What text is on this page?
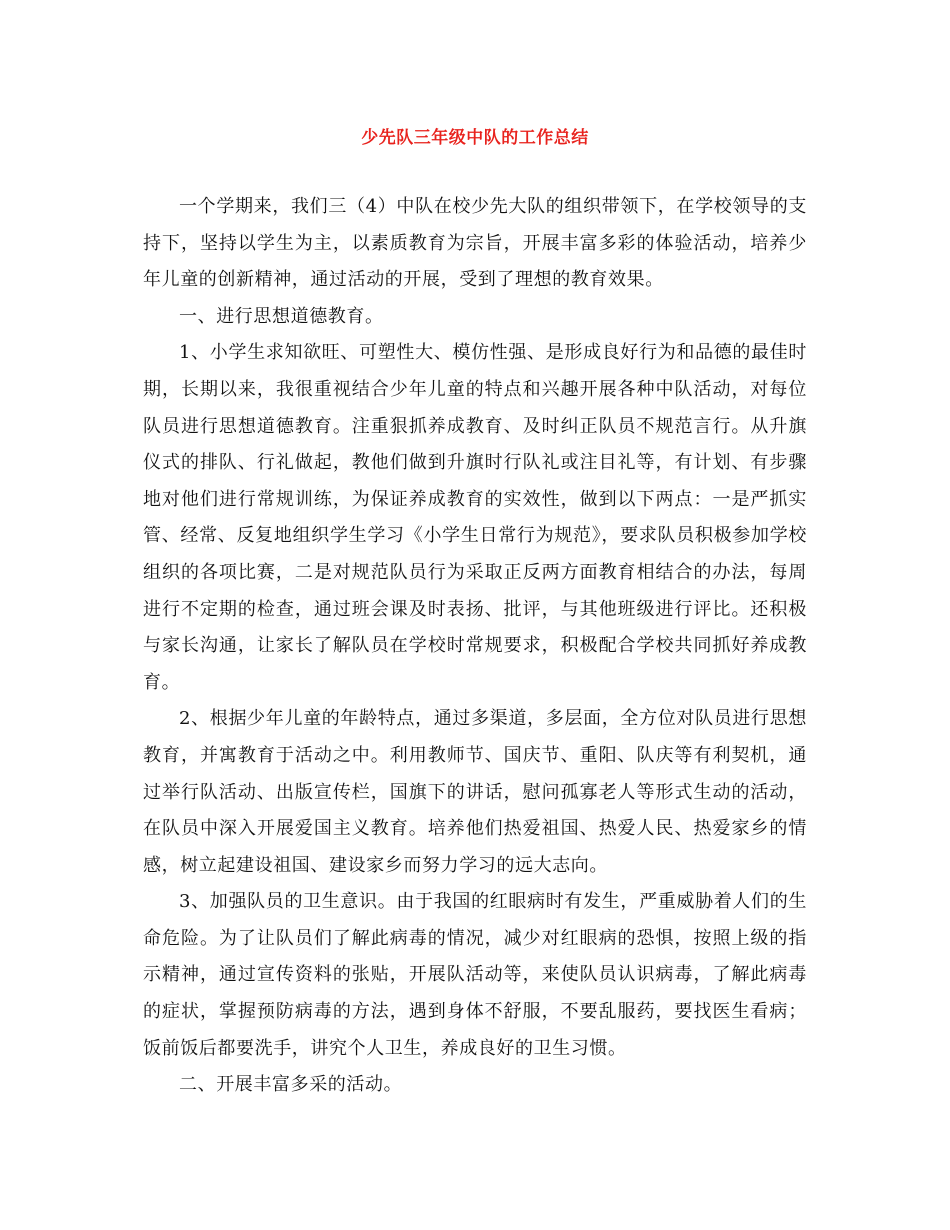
少先队三年级中队的工作总结

一个学期来，我们三（4）中队在校少先大队的组织带领下，在学校领导的支持下，坚持以学生为主，以素质教育为宗旨，开展丰富多彩的体验活动，培养少年儿童的创新精神，通过活动的开展，受到了理想的教育效果。

一、进行思想道德教育。

1、小学生求知欲旺、可塑性大、模仿性强、是形成良好行为和品德的最佳时期，长期以来，我很重视结合少年儿童的特点和兴趣开展各种中队活动，对每位队员进行思想道德教育。注重狠抓养成教育、及时纠正队员不规范言行。从升旗仪式的排队、行礼做起，教他们做到升旗时行队礼或注目礼等，有计划、有步骤地对他们进行常规训练，为保证养成教育的实效性，做到以下两点：一是严抓实管、经常、反复地组织学生学习《小学生日常行为规范》，要求队员积极参加学校组织的各项比赛，二是对规范队员行为采取正反两方面教育相结合的办法，每周进行不定期的检查，通过班会课及时表扬、批评，与其他班级进行评比。还积极与家长沟通，让家长了解队员在学校时常规要求，积极配合学校共同抓好养成教育。

2、根据少年儿童的年龄特点，通过多渠道，多层面，全方位对队员进行思想教育，并寓教育于活动之中。利用教师节、国庆节、重阳、队庆等有利契机，通过举行队活动、出版宣传栏，国旗下的讲话，慰问孤寡老人等形式生动的活动，在队员中深入开展爱国主义教育。培养他们热爱祖国、热爱人民、热爱家乡的情感，树立起建设祖国、建设家乡而努力学习的远大志向。

3、加强队员的卫生意识。由于我国的红眼病时有发生，严重威胁着人们的生命危险。为了让队员们了解此病毒的情况，减少对红眼病的恐惧，按照上级的指示精神，通过宣传资料的张贴，开展队活动等，来使队员认识病毒，了解此病毒的症状，掌握预防病毒的方法，遇到身体不舒服，不要乱服药，要找医生看病；饭前饭后都要洗手，讲究个人卫生，养成良好的卫生习惯。

二、开展丰富多采的活动。
